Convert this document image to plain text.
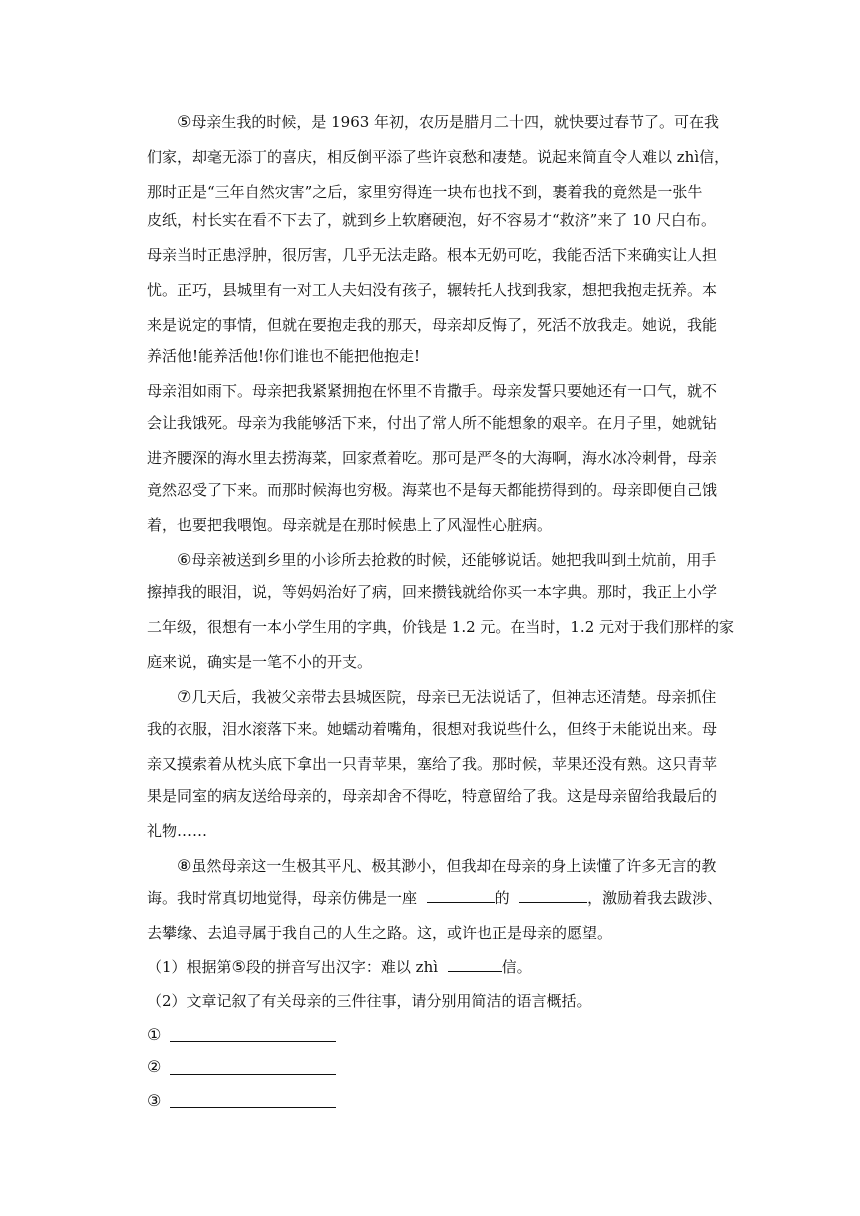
⑤母亲生我的时候，是 1963 年初，农历是腊月二十四，就快要过春节了。可在我
们家，却毫无添丁的喜庆，相反倒平添了些许哀愁和凄楚。说起来简直令人难以 zhì信，
那时正是“三年自然灾害”之后，家里穷得连一块布也找不到，裹着我的竟然是一张牛
皮纸，村长实在看不下去了，就到乡上软磨硬泡，好不容易才“救济”来了 10 尺白布。
母亲当时正患浮肿，很厉害，几乎无法走路。根本无奶可吃，我能否活下来确实让人担
忧。正巧，县城里有一对工人夫妇没有孩子，辗转托人找到我家，想把我抱走抚养。本
来是说定的事情，但就在要抱走我的那天，母亲却反悔了，死活不放我走。她说，我能
养活他!能养活他!你们谁也不能把他抱走!
母亲泪如雨下。母亲把我紧紧拥抱在怀里不肯撒手。母亲发誓只要她还有一口气，就不
会让我饿死。母亲为我能够活下来，付出了常人所不能想象的艰辛。在月子里，她就钻
进齐腰深的海水里去捞海菜，回家煮着吃。那可是严冬的大海啊，海水冰冷刺骨，母亲
竟然忍受了下来。而那时候海也穷极。海菜也不是每天都能捞得到的。母亲即便自己饿
着，也要把我喂饱。母亲就是在那时候患上了风湿性心脏病。
⑥母亲被送到乡里的小诊所去抢救的时候，还能够说话。她把我叫到土炕前，用手
擦掉我的眼泪，说，等妈妈治好了病，回来攒钱就给你买一本字典。那时，我正上小学
二年级，很想有一本小学生用的字典，价钱是 1.2 元。在当时，1.2 元对于我们那样的家
庭来说，确实是一笔不小的开支。
⑦几天后，我被父亲带去县城医院，母亲已无法说话了，但神志还清楚。母亲抓住
我的衣服，泪水滚落下来。她蠕动着嘴角，很想对我说些什么，但终于未能说出来。母
亲又摸索着从枕头底下拿出一只青苹果，塞给了我。那时候，苹果还没有熟。这只青苹
果是同室的病友送给母亲的，母亲却舍不得吃，特意留给了我。这是母亲留给我最后的
礼物……
⑧虽然母亲这一生极其平凡、极其渺小，但我却在母亲的身上读懂了许多无言的教
诲。我时常真切地觉得，母亲仿佛是一座	的	，激励着我去跋涉、
去攀缘、去追寻属于我自己的人生之路。这，或许也正是母亲的愿望。
（1）根据第⑤段的拼音写出汉字：难以 zhì	信。
（2）文章记叙了有关母亲的三件往事，请分别用简洁的语言概括。
①
②
③
